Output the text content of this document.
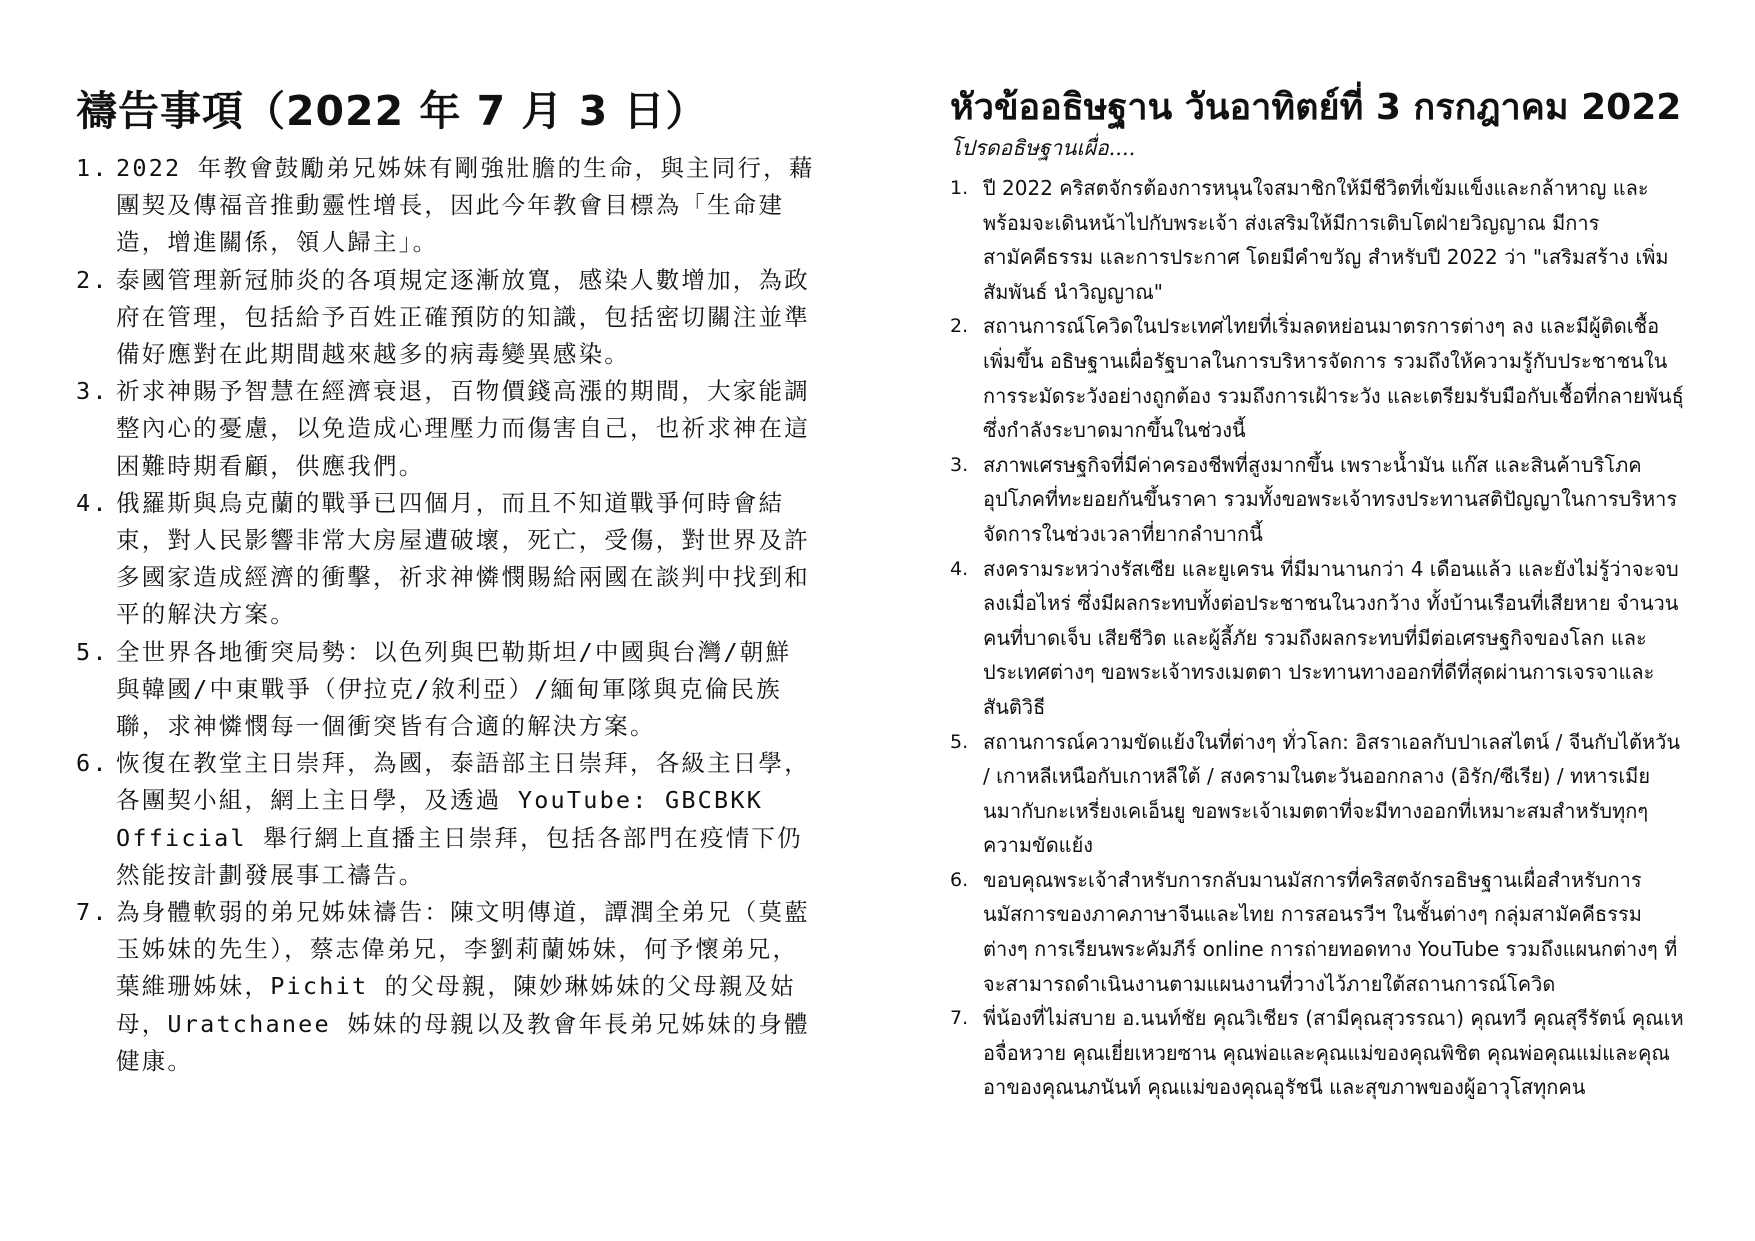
禱告事項（2022 年 7 月 3 日）
1. 2022 年教會鼓勵弟兄姊妹有剛強壯膽的生命，與主同行，藉團契及傳福音推動靈性增長，因此今年教會目標為「生命建造，增進關係，領人歸主」。
2. 泰國管理新冠肺炎的各項規定逐漸放寬，感染人數增加，為政府在管理，包括給予百姓正確預防的知識，包括密切關注並準備好應對在此期間越來越多的病毒變異感染。
3. 祈求神賜予智慧在經濟衰退，百物價錢高漲的期間，大家能調整內心的憂慮，以免造成心理壓力而傷害自己，也祈求神在這困難時期看顧，供應我們。
4. 俄羅斯與烏克蘭的戰爭已四個月，而且不知道戰爭何時會結束，對人民影響非常大房屋遭破壞，死亡，受傷，對世界及許多國家造成經濟的衝擊，祈求神憐憫賜給兩國在談判中找到和平的解決方案。
5. 全世界各地衝突局勢：以色列與巴勒斯坦/中國與台灣/朝鮮與韓國/中東戰爭（伊拉克/敘利亞）/緬甸軍隊與克倫民族聯，求神憐憫每一個衝突皆有合適的解決方案。
6. 恢復在教堂主日崇拜，為國，泰語部主日崇拜，各級主日學，各團契小組，網上主日學，及透過 YouTube: GBCBKK Official 舉行網上直播主日崇拜，包括各部門在疫情下仍然能按計劃發展事工禱告。
7. 為身體軟弱的弟兄姊妹禱告：陳文明傳道，譚潤全弟兄（莫藍玉姊妹的先生），蔡志偉弟兄，李劉莉蘭姊妹，何予懷弟兄，葉維珊姊妹，Pichit 的父母親，陳妙琳姊妹的父母親及姑母，Uratchanee 姊妹的母親以及教會年長弟兄姊妹的身體健康。
หัวข้ออธิษฐาน วันอาทิตย์ที่ 3 กรกฎาคม 2022
โปรดอธิษฐานเผื่อ....
1. ปี 2022 คริสตจักรต้องการหนุนใจสมาชิกให้มีชีวิตที่เข้มแข็งและกล้าหาญ และพร้อมจะเดินหน้าไปกับพระเจ้า ส่งเสริมให้มีการเติบโตฝ่ายวิญญาณ มีการสามัคคีธรรม และการประกาศ โดยมีคำขวัญ สำหรับปี 2022 ว่า "เสริมสร้าง เพิ่มสัมพันธ์ นำวิญญาณ"
2. สถานการณ์โควิดในประเทศไทยที่เริ่มลดหย่อนมาตรการต่างๆ ลง และมีผู้ติดเชื้อเพิ่มขึ้น อธิษฐานเผื่อรัฐบาลในการบริหารจัดการ รวมถึงให้ความรู้กับประชาชนในการระมัดระวังอย่างถูกต้อง รวมถึงการเฝ้าระวัง และเตรียมรับมือกับเชื้อที่กลายพันธุ์ซึ่งกำลังระบาดมากขึ้นในช่วงนี้
3. สภาพเศรษฐกิจที่มีค่าครองชีพที่สูงมากขึ้น เพราะน้ำมัน แก๊ส และสินค้าบริโภคอุปโภคที่ทะยอยกันขึ้นราคา รวมทั้งขอพระเจ้าทรงประทานสติปัญญาในการบริหารจัดการในช่วงเวลาที่ยากลำบากนี้
4. สงครามระหว่างรัสเซีย และยูเครน ที่มีมานานกว่า 4 เดือนแล้ว และยังไม่รู้ว่าจะจบลงเมื่อไหร่ ซึ่งมีผลกระทบทั้งต่อประชาชนในวงกว้าง ทั้งบ้านเรือนที่เสียหาย จำนวนคนที่บาดเจ็บ เสียชีวิต และผู้ลี้ภัย รวมถึงผลกระทบที่มีต่อเศรษฐกิจของโลก และประเทศต่างๆ ขอพระเจ้าทรงเมตตา ประทานทางออกที่ดีที่สุดผ่านการเจรจาและสันติวิธี
5. สถานการณ์ความขัดแย้งในที่ต่างๆ ทั่วโลก: อิสราเอลกับปาเลสไตน์ / จีนกับไต้หวัน / เกาหลีเหนือกับเกาหลีใต้ / สงครามในตะวันออกกลาง (อิรัก/ซีเรีย) / ทหารเมียนมากับกะเหรี่ยงเคเอ็นยู ขอพระเจ้าเมตตาที่จะมีทางออกที่เหมาะสมสำหรับทุกๆ ความขัดแย้ง
6. ขอบคุณพระเจ้าสำหรับการกลับมานมัสการที่คริสตจักรอธิษฐานเผื่อสำหรับการนมัสการของภาคภาษาจีนและไทย การสอนรวีฯ ในชั้นต่างๆ กลุ่มสามัคคีธรรมต่างๆ การเรียนพระคัมภีร์ online การถ่ายทอดทาง YouTube รวมถึงแผนกต่างๆ ที่จะสามารถดำเนินงานตามแผนงานที่วางไว้ภายใต้สถานการณ์โควิด
7. พี่น้องที่ไม่สบาย อ.นนท์ชัย คุณวิเชียร (สามีคุณสุวรรณา) คุณทวี คุณสุรีรัตน์ คุณเหอจื่อหวาย คุณเยี่ยเหวยซาน คุณพ่อและคุณแม่ของคุณพิชิต คุณพ่อคุณแม่และคุณอาของคุณนภนันท์ คุณแม่ของคุณอุรัชนี และสุขภาพของผู้อาวุโสทุกคน
